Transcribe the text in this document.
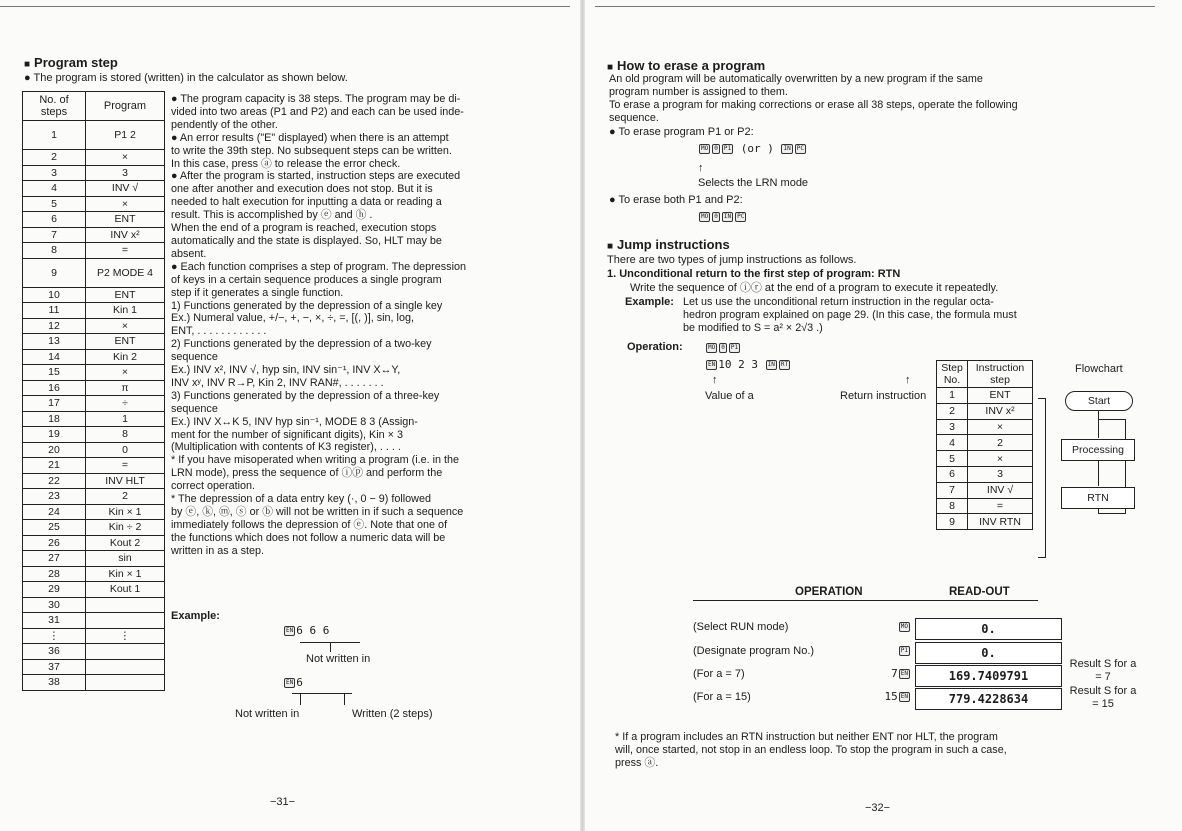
■ Program step
● The program is stored (written) in the calculator as shown below.
No. of steps	Program
1	P1 2
2	×
3	3
4	INV √
5	×
6	ENT
7	INV x²
8	=
9	P2 MODE 4
10	ENT
11	Kin 1
12	×
13	ENT
14	Kin 2
15	×
16	π
17	÷
18	1
19	8
20	0
21	=
22	INV HLT
23	2
24	Kin × 1
25	Kin ÷ 2
26	Kout 2
27	sin
28	Kin × 1
29	Kout 1
30	
31	
⋮	⋮
36	
37	
38	
● The program capacity is 38 steps. The program may be di-
vided into two areas (P1 and P2) and each can be used inde-
pendently of the other.
● An error results ("E" displayed) when there is an attempt
to write the 39th step. No subsequent steps can be written.
In this case, press ⓐ to release the error check.
● After the program is started, instruction steps are executed
one after another and execution does not stop. But it is
needed to halt execution for inputting a data or reading a
result. This is accomplished by ⓔ and ⓗ .
When the end of a program is reached, execution stops
automatically and the state is displayed. So, HLT may be
absent.
● Each function comprises a step of program. The depression
of keys in a certain sequence produces a single program
step if it generates a single function.
1) Functions generated by the depression of a single key
Ex.) Numeral value, +/−, +, −, ×, ÷, =, [(, )], sin, log,
ENT, . . . . . . . . . . . .
2) Functions generated by the depression of a two-key
sequence
Ex.) INV x², INV √, hyp sin, INV sin⁻¹, INV X↔Y,
INV xʸ, INV R→P, Kin 2, INV RAN#, . . . . . . .
3) Functions generated by the depression of a three-key
sequence
Ex.) INV X↔K 5, INV hyp sin⁻¹, MODE 8 3 (Assign-
ment for the number of significant digits), Kin × 3
(Multiplication with contents of K3 register), . . . .
* If you have misoperated when writing a program (i.e. in the
LRN mode), press the sequence of ⓘⓟ and perform the
correct operation.
* The depression of a data entry key (·, 0 − 9) followed
by ⓔ, ⓚ, ⓜ, ⓢ or ⓑ will not be written in if such a sequence
immediately follows the depression of ⓔ. Note that one of
the functions which does not follow a numeric data will be
written in as a step.
Example:
EN 6 6 6
Not written in
EN 6
Not written in	Written (2 steps)
−31−
■ How to erase a program
An old program will be automatically overwritten by a new program if the same
program number is assigned to them.
To erase a program for making corrections or erase all 38 steps, operate the following
sequence.
● To erase program P1 or P2:
MO 0 P1 (or ) IN PC
↑
Selects the LRN mode
● To erase both P1 and P2:
MO 0 IN PC
■ Jump instructions
There are two types of jump instructions as follows.
1. Unconditional return to the first step of program: RTN
Write the sequence of ⓘⓡ at the end of a program to execute it repeatedly.
Example: Let us use the unconditional return instruction in the regular octa-
hedron program explained on page 29. (In this case, the formula must
be modified to S = a² × 2√3 .)
Operation:	MO 0 P1
EN 10 2 3 IN RT
↑	↑
Value of a	Return instruction
Step No.	Instruction step
1	ENT
2	INV x²
3	×
4	2
5	×
6	3
7	INV √
8	=
9	INV RTN
Flowchart
Start
Processing
RTN
OPERATION	READ-OUT
(Select RUN mode)	MO	0.
(Designate program No.)	P1	0.
(For a = 7)	7 EN	169.7409791
(For a = 15)	15 EN	779.4228634
Result S for a = 7
Result S for a = 15
* If a program includes an RTN instruction but neither ENT nor HLT, the program
will, once started, not stop in an endless loop. To stop the program in such a case,
press ⓐ.
−32−
